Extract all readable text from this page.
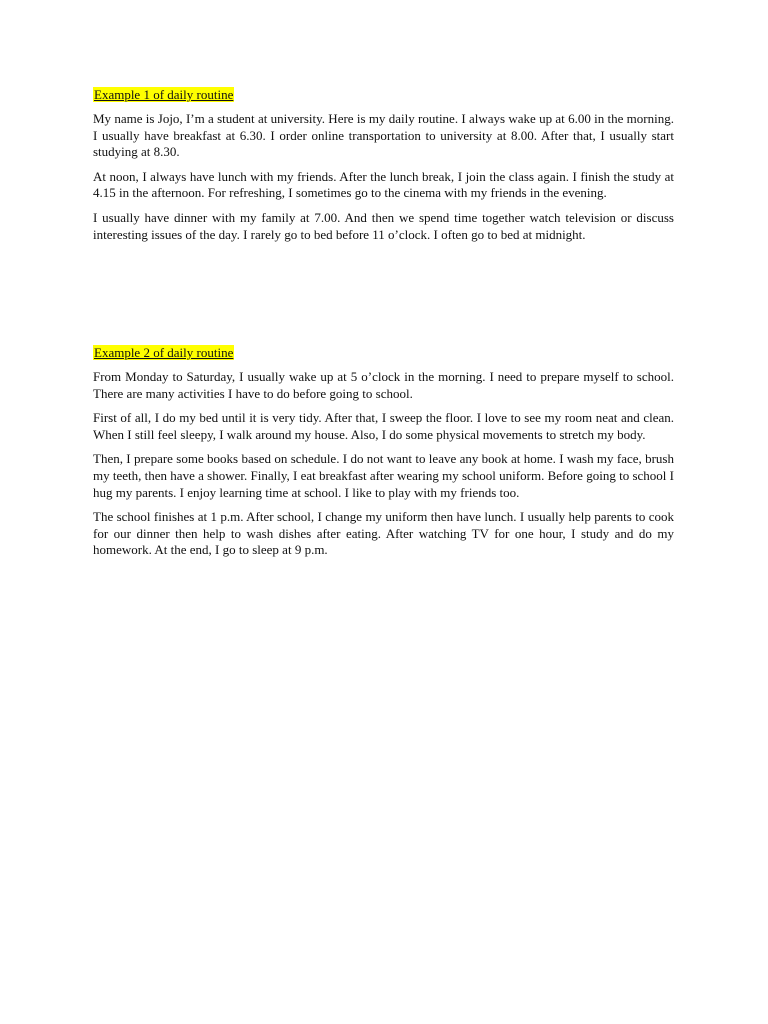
Example 1 of daily routine

My name is Jojo, I’m a student at university. Here is my daily routine. I always wake up at 6.00 in the morning. I usually have breakfast at 6.30. I order online transportation to university at 8.00. After that, I usually start studying at 8.30.

At noon, I always have lunch with my friends. After the lunch break, I join the class again. I finish the study at 4.15 in the afternoon. For refreshing, I sometimes go to the cinema with my friends in the evening.

I usually have dinner with my family at 7.00. And then we spend time together watch television or discuss interesting issues of the day. I rarely go to bed before 11 o’clock. I often go to bed at midnight.

Example 2 of daily routine

From Monday to Saturday, I usually wake up at 5 o’clock in the morning. I need to prepare myself to school. There are many activities I have to do before going to school.

First of all, I do my bed until it is very tidy. After that, I sweep the floor. I love to see my room neat and clean. When I still feel sleepy, I walk around my house. Also, I do some physical movements to stretch my body.

Then, I prepare some books based on schedule. I do not want to leave any book at home. I wash my face, brush my teeth, then have a shower. Finally, I eat breakfast after wearing my school uniform. Before going to school I hug my parents. I enjoy learning time at school. I like to play with my friends too.

The school finishes at 1 p.m. After school, I change my uniform then have lunch. I usually help parents to cook for our dinner then help to wash dishes after eating. After watching TV for one hour, I study and do my homework. At the end, I go to sleep at 9 p.m.
